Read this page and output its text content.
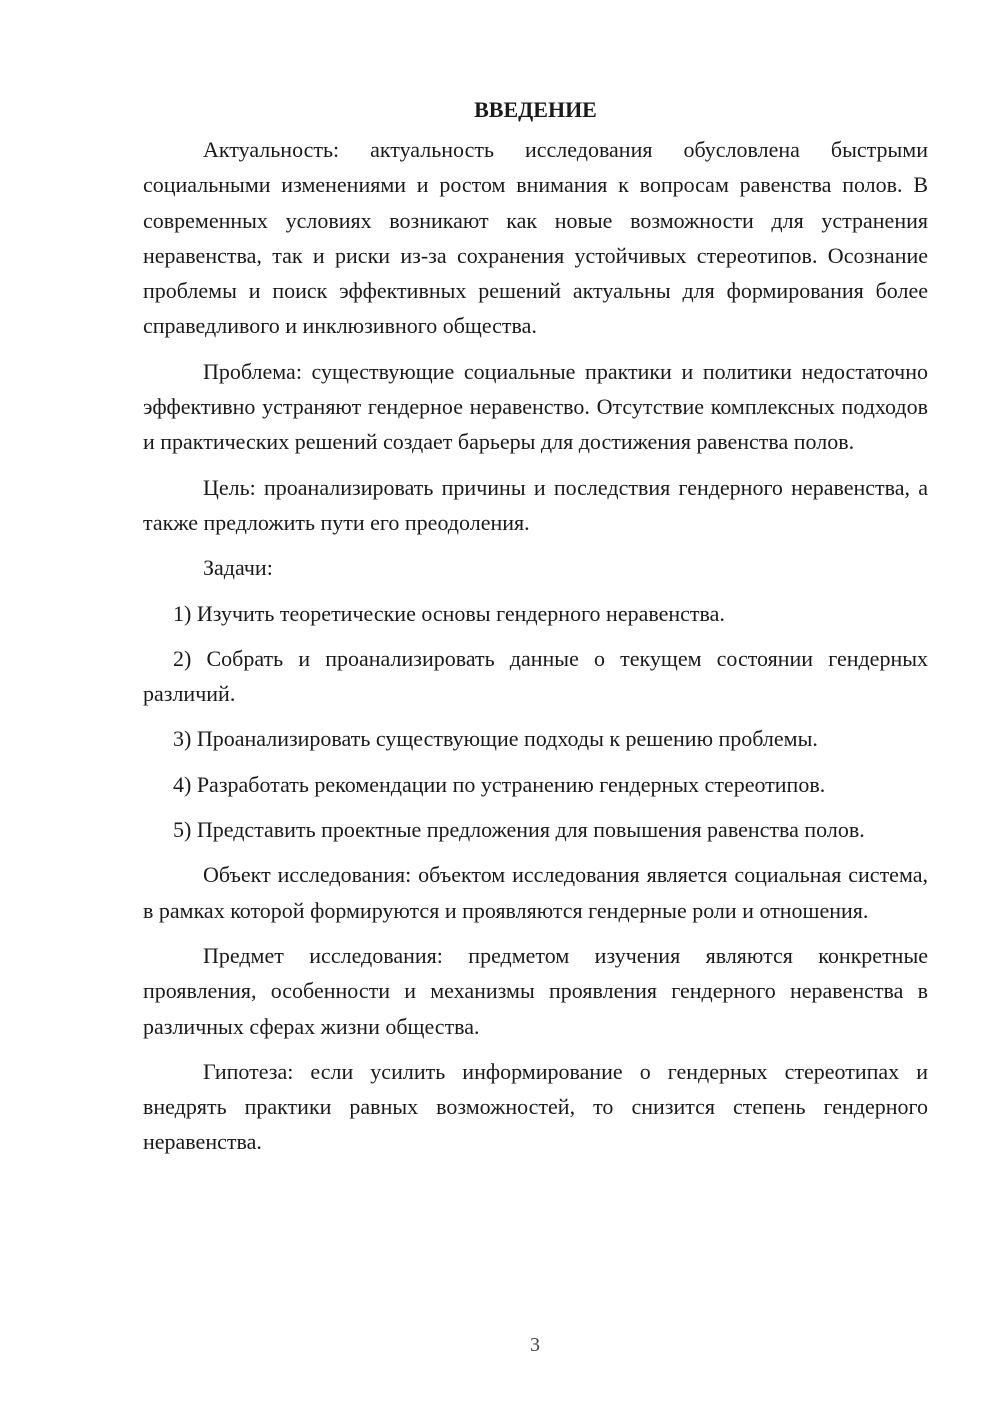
ВВЕДЕНИЕ

Актуальность: актуальность исследования обусловлена быстрыми социальными изменениями и ростом внимания к вопросам равенства полов. В современных условиях возникают как новые возможности для устранения неравенства, так и риски из-за сохранения устойчивых стереотипов. Осознание проблемы и поиск эффективных решений актуальны для формирования более справедливого и инклюзивного общества.

Проблема: существующие социальные практики и политики недостаточно эффективно устраняют гендерное неравенство. Отсутствие комплексных подходов и практических решений создает барьеры для достижения равенства полов.

Цель: проанализировать причины и последствия гендерного неравенства, а также предложить пути его преодоления.

Задачи:

1) Изучить теоретические основы гендерного неравенства.

2) Собрать и проанализировать данные о текущем состоянии гендерных различий.

3) Проанализировать существующие подходы к решению проблемы.

4) Разработать рекомендации по устранению гендерных стереотипов.

5) Представить проектные предложения для повышения равенства полов.

Объект исследования: объектом исследования является социальная система, в рамках которой формируются и проявляются гендерные роли и отношения.

Предмет исследования: предметом изучения являются конкретные проявления, особенности и механизмы проявления гендерного неравенства в различных сферах жизни общества.

Гипотеза: если усилить информирование о гендерных стереотипах и внедрять практики равных возможностей, то снизится степень гендерного неравенства.

3
